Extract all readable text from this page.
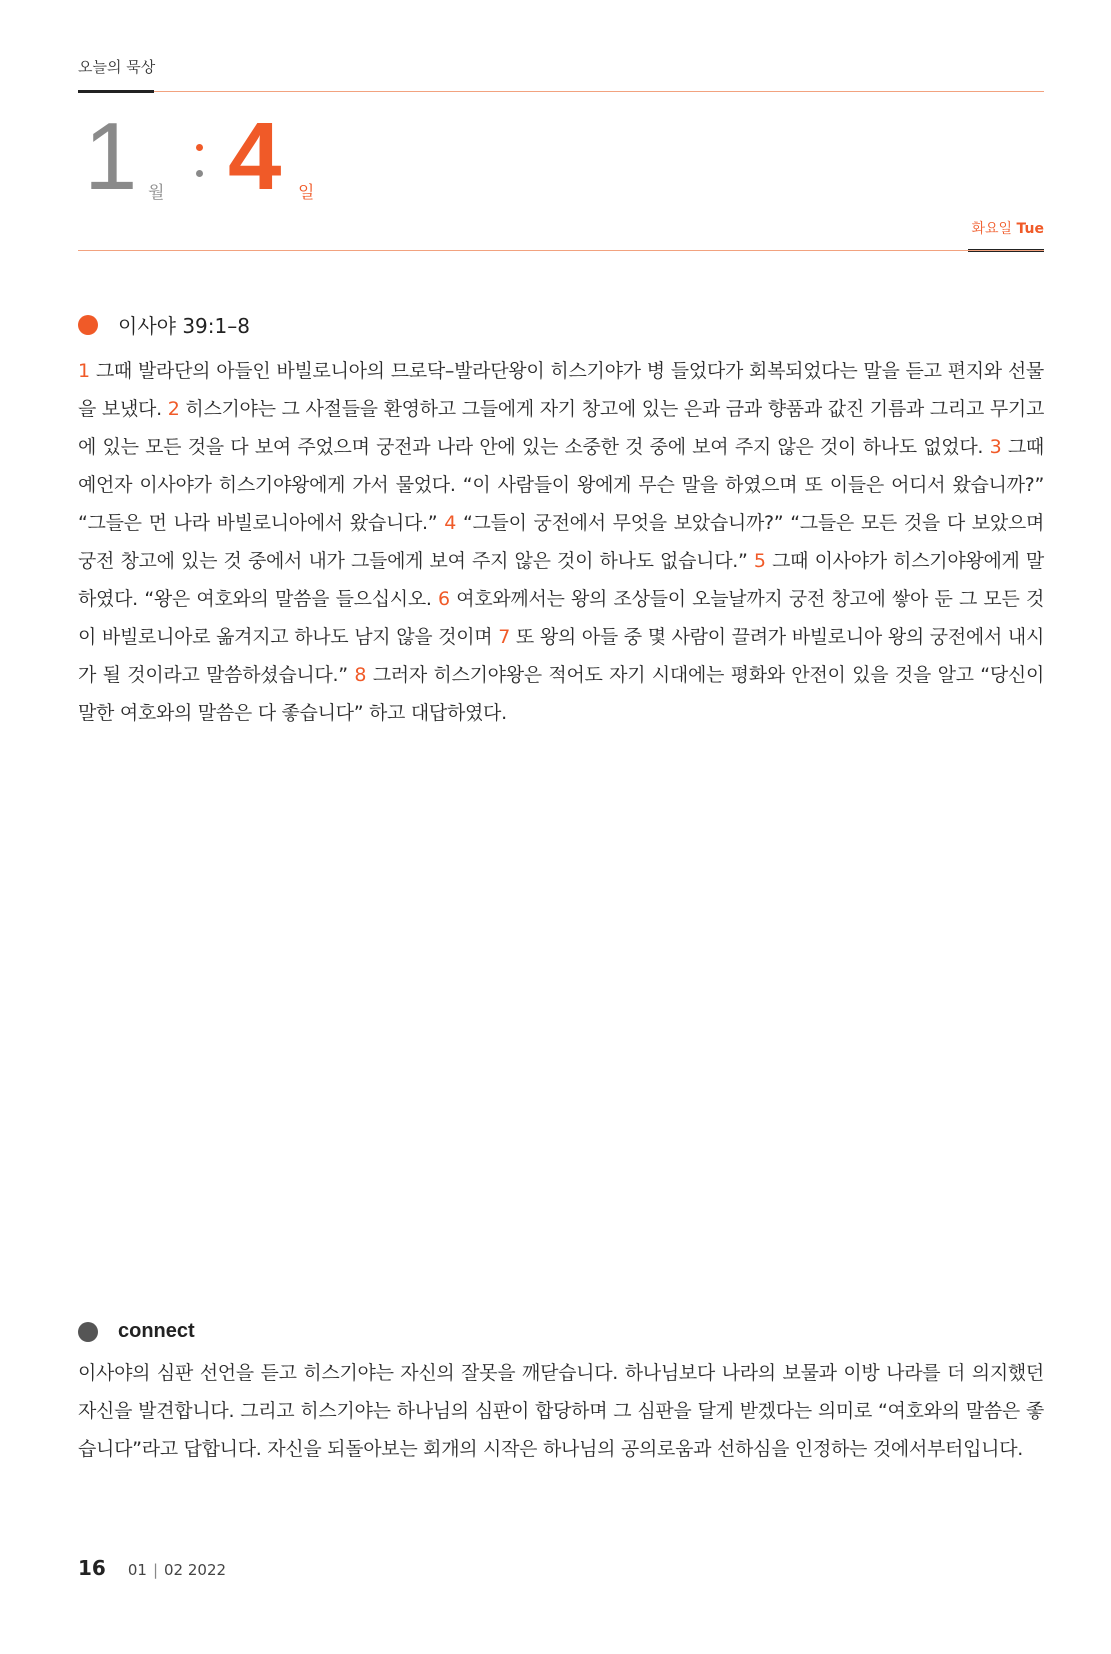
오늘의 묵상
1 월 4 일
화요일 Tue
이사야 39:1–8
1 그때 발라단의 아들인 바빌로니아의 므로닥–발라단왕이 히스기야가 병 들었다가 회복되었다는 말을 듣고 편지와 선물을 보냈다. 2 히스기야는 그 사절들을 환영하고 그들에게 자기 창고에 있는 은과 금과 향품과 값진 기름과 그리고 무기고에 있는 모든 것을 다 보여 주었으며 궁전과 나라 안에 있는 소중한 것 중에 보여 주지 않은 것이 하나도 없었다. 3 그때 예언자 이사야가 히스기야왕에게 가서 물었다. “이 사람들이 왕에게 무슨 말을 하였으며 또 이들은 어디서 왔습니까?” “그들은 먼 나라 바빌로니아에서 왔습니다.” 4 “그들이 궁전에서 무엇을 보았습니까?” “그들은 모든 것을 다 보았으며 궁전 창고에 있는 것 중에서 내가 그들에게 보여 주지 않은 것이 하나도 없습니다.” 5 그때 이사야가 히스기야왕에게 말하였다. “왕은 여호와의 말씀을 들으십시오. 6 여호와께서는 왕의 조상들이 오늘날까지 궁전 창고에 쌓아 둔 그 모든 것이 바빌로니아로 옮겨지고 하나도 남지 않을 것이며 7 또 왕의 아들 중 몇 사람이 끌려가 바빌로니아 왕의 궁전에서 내시가 될 것이라고 말씀하셨습니다.” 8 그러자 히스기야왕은 적어도 자기 시대에는 평화와 안전이 있을 것을 알고 “당신이 말한 여호와의 말씀은 다 좋습니다” 하고 대답하였다.
connect
이사야의 심판 선언을 듣고 히스기야는 자신의 잘못을 깨닫습니다. 하나님보다 나라의 보물과 이방 나라를 더 의지했던 자신을 발견합니다. 그리고 히스기야는 하나님의 심판이 합당하며 그 심판을 달게 받겠다는 의미로 “여호와의 말씀은 좋습니다”라고 답합니다. 자신을 되돌아보는 회개의 시작은 하나님의 공의로움과 선하심을 인정하는 것에서부터입니다.
16 01 | 02 2022
